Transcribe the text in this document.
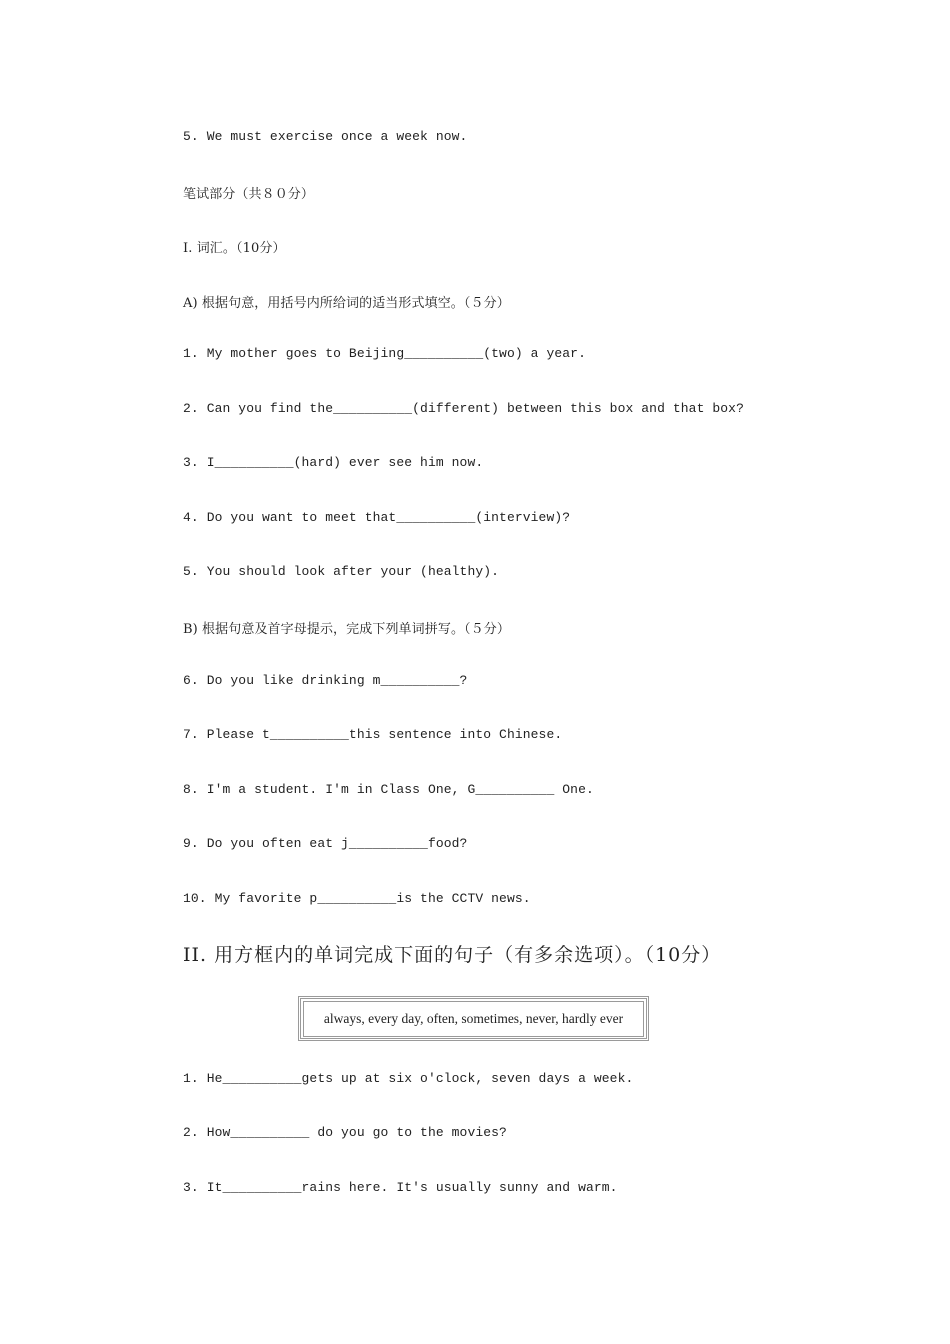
5. We must exercise once a week now.
笔试部分（共８０分）
I. 词汇。（10分）
A) 根据句意，用括号内所给词的适当形式填空。（５分）
1. My mother goes to Beijing__________(two) a year.
2. Can you find the__________(different) between this box and that box?
3. I__________(hard) ever see him now.
4. Do you want to meet that__________(interview)?
5. You should look after your (healthy).
B) 根据句意及首字母提示，完成下列单词拼写。（５分）
6. Do you like drinking m__________?
7. Please t__________this sentence into Chinese.
8. I'm a student. I'm in Class One, G__________ One.
9. Do you often eat j__________food?
10. My favorite p__________is the CCTV news.
II. 用方框内的单词完成下面的句子（有多余选项）。（10分）
always, every day, often, sometimes, never, hardly ever
1. He__________gets up at six o'clock, seven days a week.
2. How__________ do you go to the movies?
3. It__________rains here. It's usually sunny and warm.
